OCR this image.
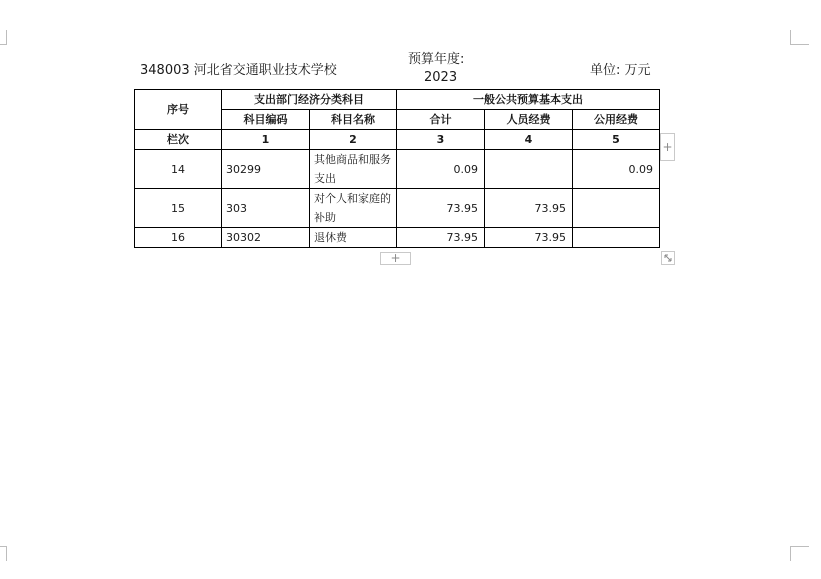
348003 河北省交通职业技术学校
预算年度:
2023	单位: 万元
序号	支出部门经济分类科目		一般公共预算基本支出		
	科目编码	科目名称	合计	人员经费	公用经费
栏次	1	2	3	4	5
14	30299	其他商品和服务支出	0.09		0.09
15	303	对个人和家庭的补助	73.95	73.95	
16	30302	退休费	73.95	73.95	
+
+
